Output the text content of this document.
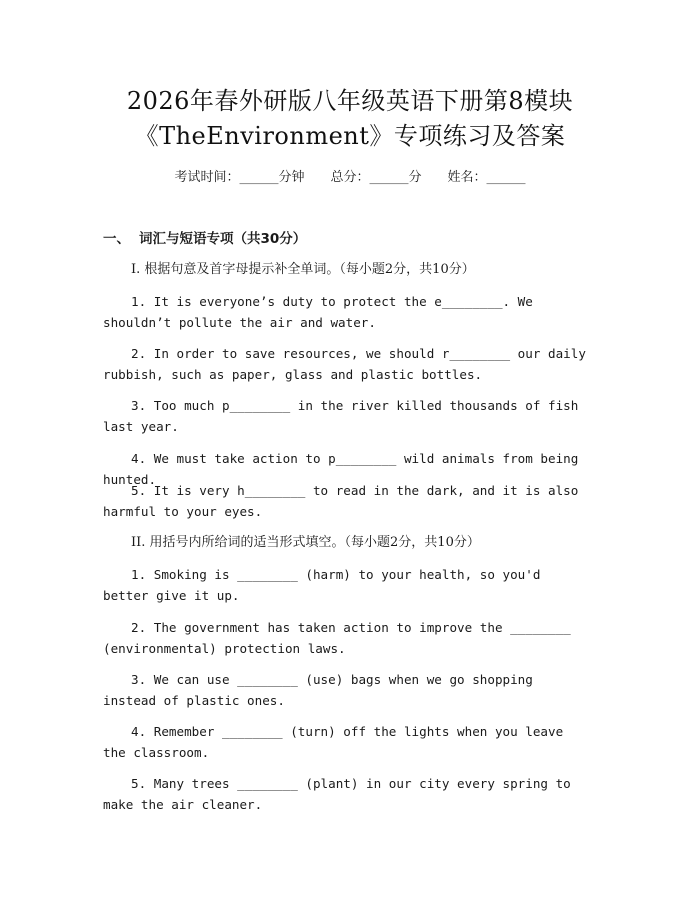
2026年春外研版八年级英语下册第8模块
《TheEnvironment》专项练习及答案
考试时间：______分钟 总分：______分 姓名：______
一、 词汇与短语专项（共30分）
I. 根据句意及首字母提示补全单词。（每小题2分，共10分）
1. It is everyone’s duty to protect the e________. We shouldn’t pollute the air and water.
2. In order to save resources, we should r________ our daily rubbish, such as paper, glass and plastic bottles.
3. Too much p________ in the river killed thousands of fish last year.
4. We must take action to p________ wild animals from being hunted.
5. It is very h________ to read in the dark, and it is also harmful to your eyes.
II. 用括号内所给词的适当形式填空。（每小题2分，共10分）
1. Smoking is ________ (harm) to your health, so you'd better give it up.
2. The government has taken action to improve the ________ (environmental) protection laws.
3. We can use ________ (use) bags when we go shopping instead of plastic ones.
4. Remember ________ (turn) off the lights when you leave the classroom.
5. Many trees ________ (plant) in our city every spring to make the air cleaner.
